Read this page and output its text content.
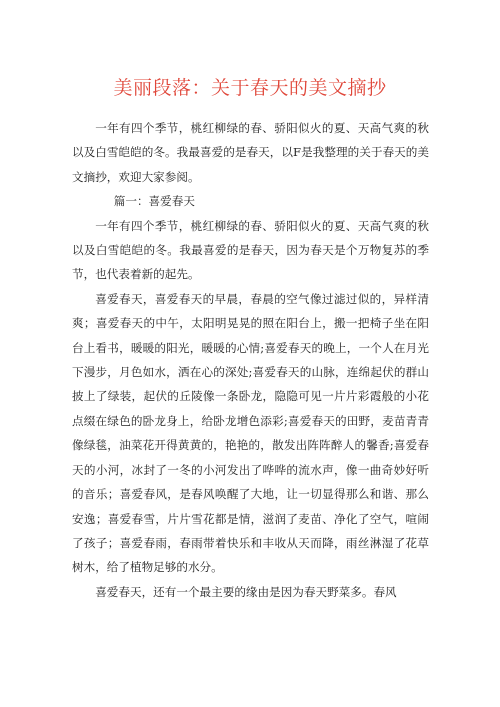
美丽段落：关于春天的美文摘抄

一年有四个季节，桃红柳绿的春、骄阳似火的夏、天高气爽的秋以及白雪皑皑的冬。我最喜爱的是春天，以F是我整理的关于春天的美文摘抄，欢迎大家参阅。

篇一：喜爱春天

一年有四个季节，桃红柳绿的春、骄阳似火的夏、天高气爽的秋以及白雪皑皑的冬。我最喜爱的是春天，因为春天是个万物复苏的季节，也代表着新的起先。

喜爱春天，喜爱春天的早晨，春晨的空气像过滤过似的，异样清爽；喜爱春天的中午，太阳明晃晃的照在阳台上，搬一把椅子坐在阳台上看书，暖暖的阳光，暖暖的心情;喜爱春天的晚上，一个人在月光下漫步，月色如水，洒在心的深处;喜爱春天的山脉，连绵起伏的群山披上了绿装，起伏的丘陵像一条卧龙，隐隐可见一片片彩霞般的小花点缀在绿色的卧龙身上，给卧龙增色添彩;喜爱春天的田野，麦苗青青像绿毯，油菜花开得黄黄的，艳艳的，散发出阵阵醉人的馨香;喜爱春天的小河，冰封了一冬的小河发出了哗哗的流水声，像一曲奇妙好听的音乐；喜爱春风，是春风唤醒了大地，让一切显得那么和谐、那么安逸；喜爱春雪，片片雪花都是情，滋润了麦苗、净化了空气，喧闹了孩子；喜爱春雨，春雨带着快乐和丰收从天而降，雨丝淋湿了花草树木，给了植物足够的水分。

喜爱春天，还有一个最主要的缘由是因为春天野菜多。春风
